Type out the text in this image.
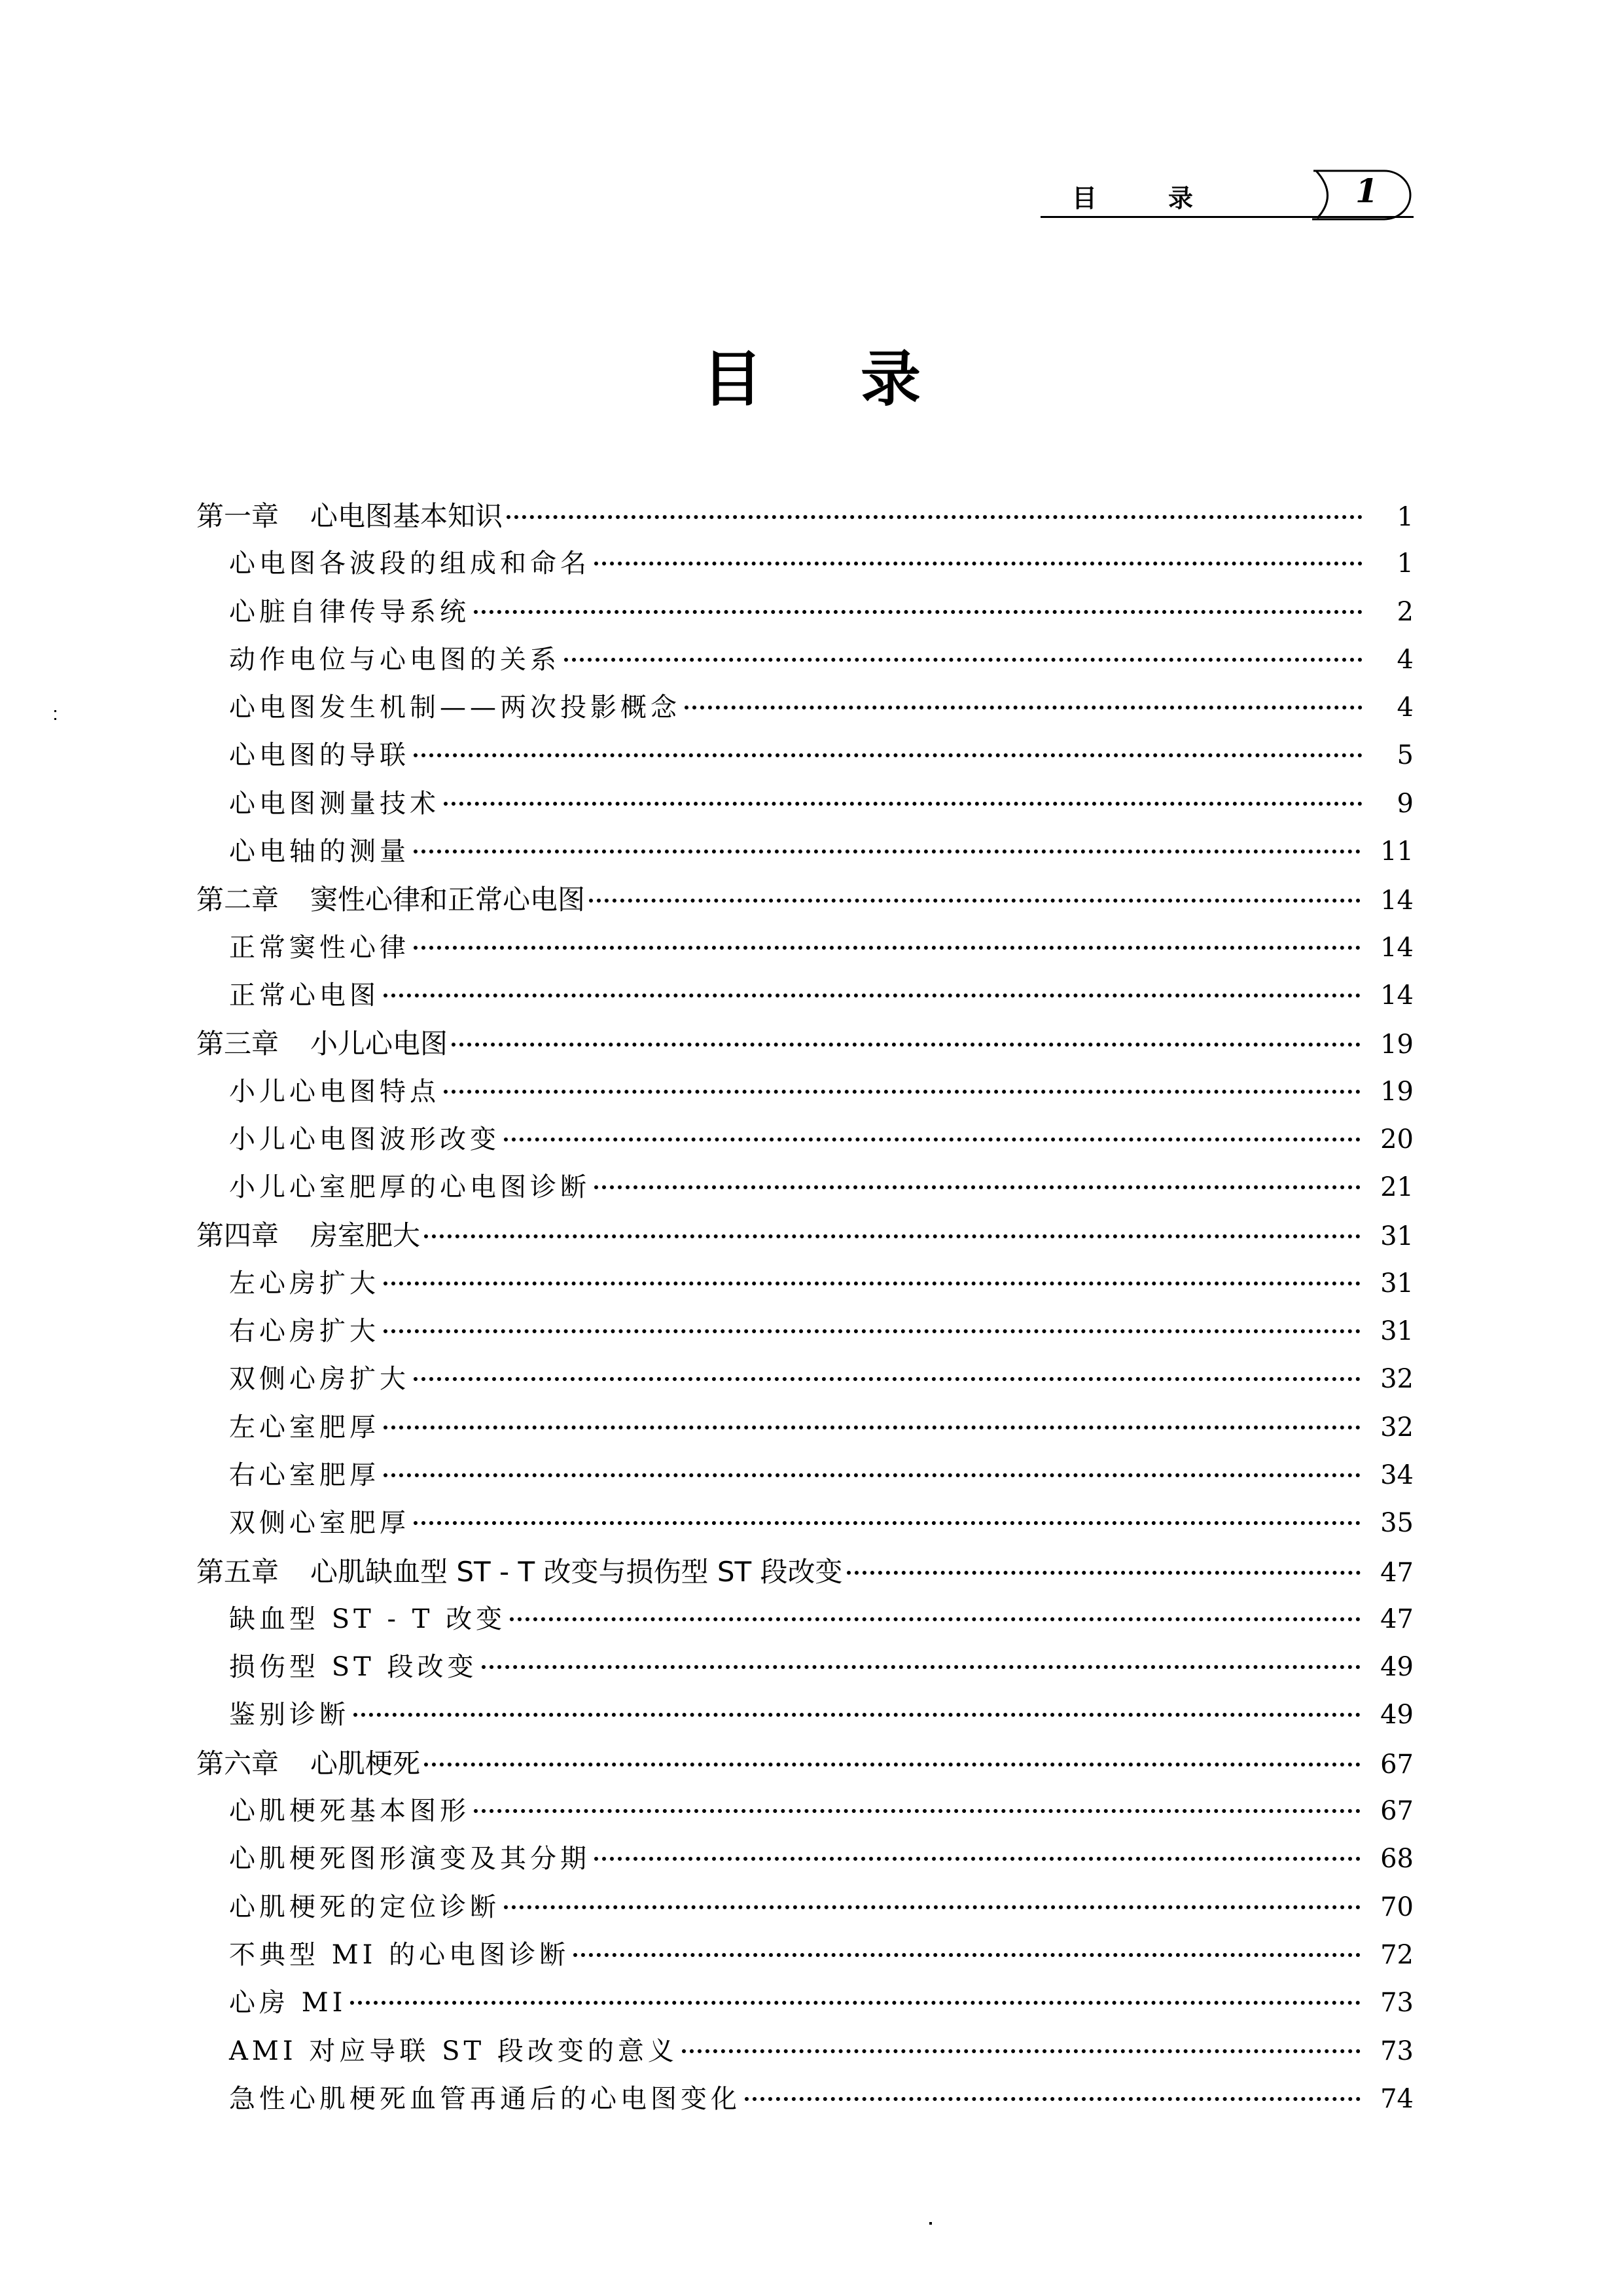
目	录	1
目 录
第一章 心电图基本知识	1
心电图各波段的组成和命名	1
心脏自律传导系统	2
动作电位与心电图的关系	4
心电图发生机制——两次投影概念	4
心电图的导联	5
心电图测量技术	9
心电轴的测量	11
第二章 窦性心律和正常心电图	14
正常窦性心律	14
正常心电图	14
第三章 小儿心电图	19
小儿心电图特点	19
小儿心电图波形改变	20
小儿心室肥厚的心电图诊断	21
第四章 房室肥大	31
左心房扩大	31
右心房扩大	31
双侧心房扩大	32
左心室肥厚	32
右心室肥厚	34
双侧心室肥厚	35
第五章 心肌缺血型 ST - T 改变与损伤型 ST 段改变	47
缺血型 ST - T 改变	47
损伤型 ST 段改变	49
鉴别诊断	49
第六章 心肌梗死	67
心肌梗死基本图形	67
心肌梗死图形演变及其分期	68
心肌梗死的定位诊断	70
不典型 MI 的心电图诊断	72
心房 MI	73
AMI 对应导联 ST 段改变的意义	73
急性心肌梗死血管再通后的心电图变化	74
